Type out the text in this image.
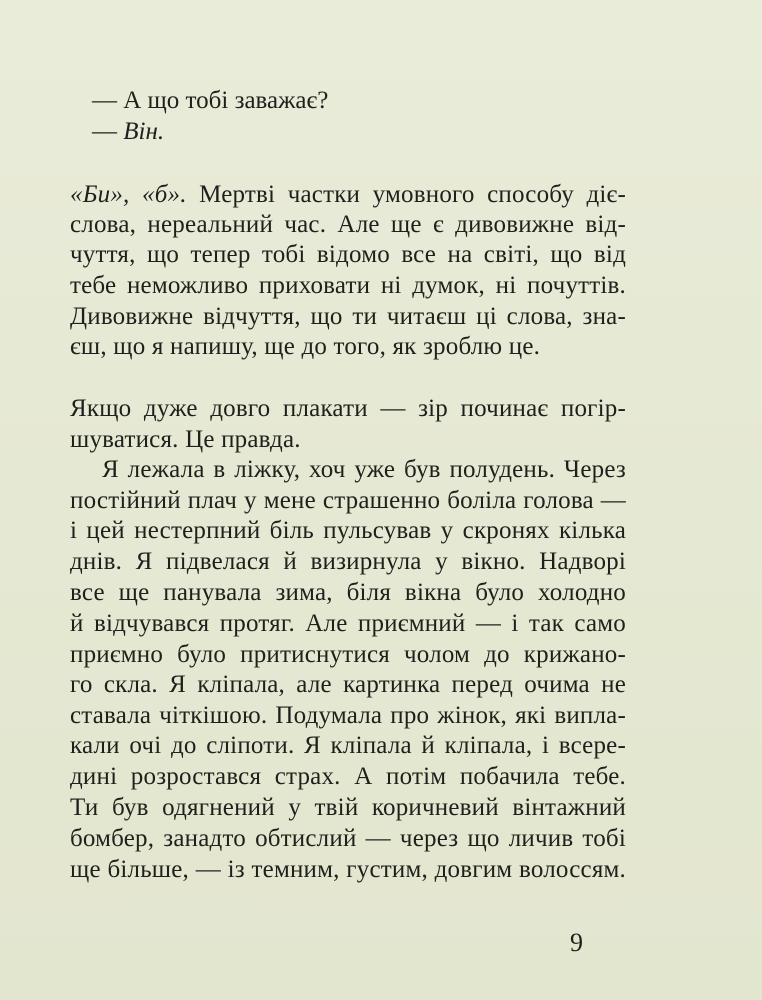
— А що тобі заважає?
— Він.
«Би», «б». Мертві частки умовного способу діє-
слова, нереальний час. Але ще є дивовижне від-
чуття, що тепер тобі відомо все на світі, що від
тебе неможливо приховати ні думок, ні почуттів.
Дивовижне відчуття, що ти читаєш ці слова, зна-
єш, що я напишу, ще до того, як зроблю це.
Якщо дуже довго плакати — зір починає погір-
шуватися. Це правда.
Я лежала в ліжку, хоч уже був полудень. Через
постійний плач у мене страшенно боліла голова —
і цей нестерпний біль пульсував у скронях кілька
днів. Я підвелася й визирнула у вікно. Надворі
все ще панувала зима, біля вікна було холодно
й відчувався протяг. Але приємний — і так само
приємно було притиснутися чолом до крижано-
го скла. Я кліпала, але картинка перед очима не
ставала чіткішою. Подумала про жінок, які випла-
кали очі до сліпоти. Я кліпала й кліпала, і всере-
дині розростався страх. А потім побачила тебе.
Ти був одягнений у твій коричневий вінтажний
бомбер, занадто обтислий — через що личив тобі
ще більше, — із темним, густим, довгим волоссям.
9
